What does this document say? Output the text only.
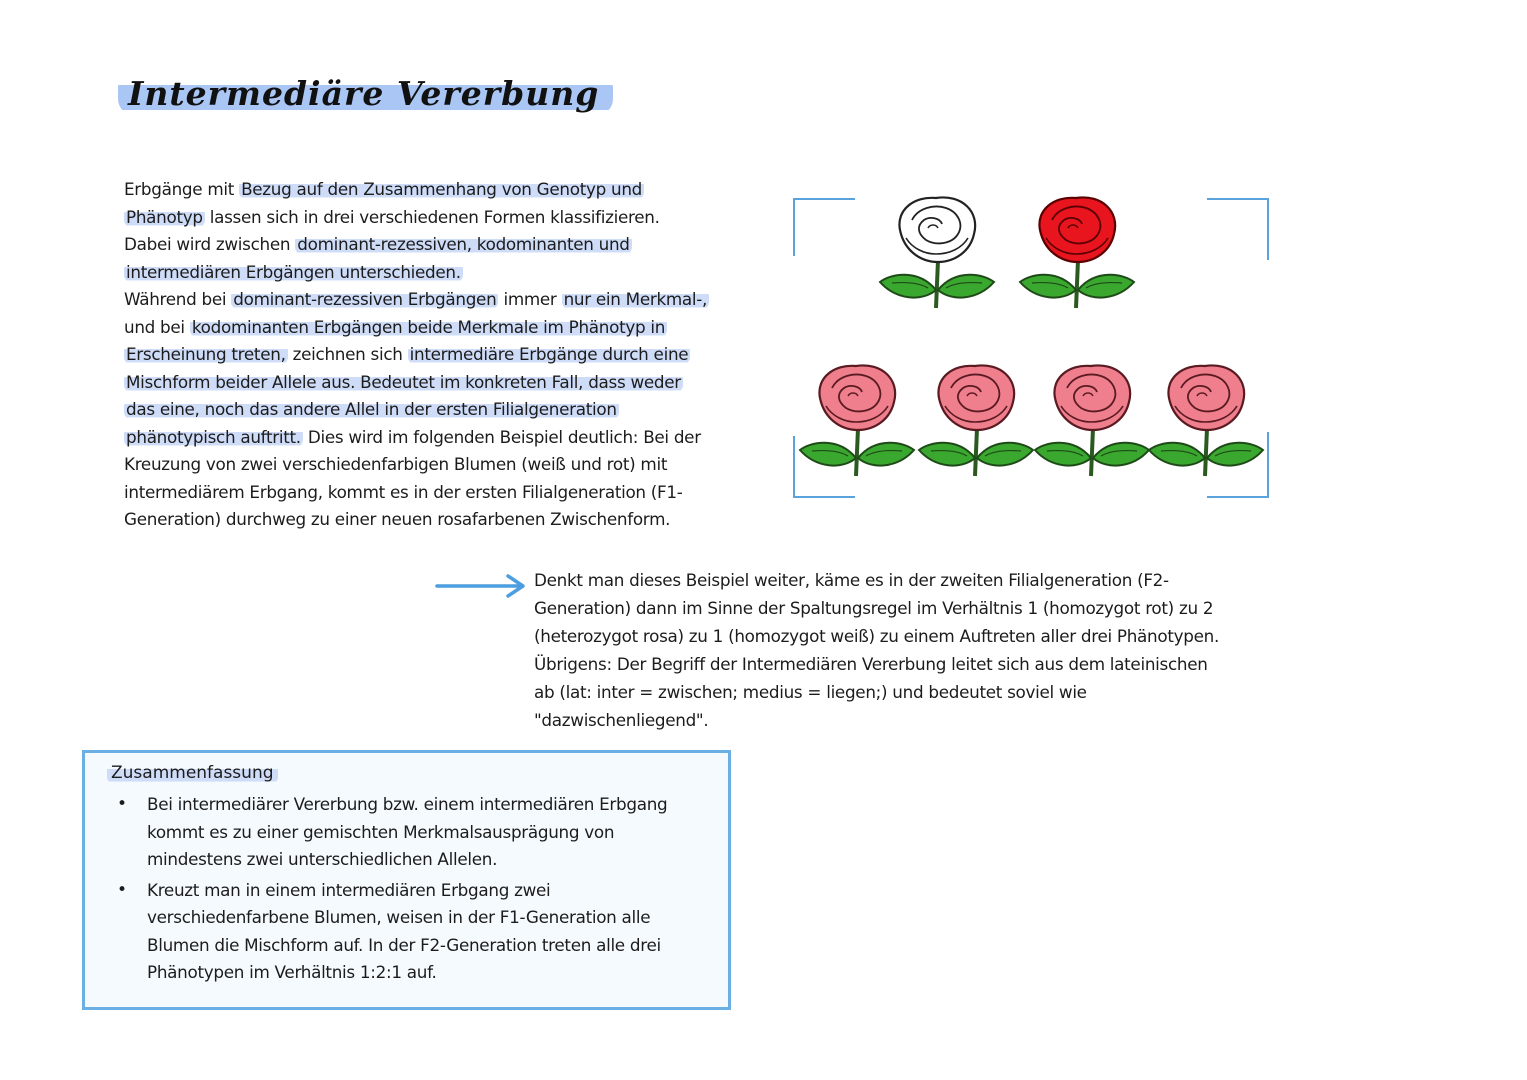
Intermediäre Vererbung
Erbgänge mit Bezug auf den Zusammenhang von Genotyp und
Phänotyp lassen sich in drei verschiedenen Formen klassifizieren.
Dabei wird zwischen dominant-rezessiven, kodominanten und
intermediären Erbgängen unterschieden.
Während bei dominant-rezessiven Erbgängen immer nur ein Merkmal-,
und bei kodominanten Erbgängen beide Merkmale im Phänotyp in
Erscheinung treten, zeichnen sich intermediäre Erbgänge durch eine
Mischform beider Allele aus. Bedeutet im konkreten Fall, dass weder
das eine, noch das andere Allel in der ersten Filialgeneration
phänotypisch auftritt. Dies wird im folgenden Beispiel deutlich: Bei der
Kreuzung von zwei verschiedenfarbigen Blumen (weiß und rot) mit
intermediärem Erbgang, kommt es in der ersten Filialgeneration (F1-
Generation) durchweg zu einer neuen rosafarbenen Zwischenform.
Denkt man dieses Beispiel weiter, käme es in der zweiten Filialgeneration (F2-
Generation) dann im Sinne der Spaltungsregel im Verhältnis 1 (homozygot rot) zu 2
(heterozygot rosa) zu 1 (homozygot weiß) zu einem Auftreten aller drei Phänotypen.
Übrigens: Der Begriff der Intermediären Vererbung leitet sich aus dem lateinischen
ab (lat: inter = zwischen; medius = liegen;) und bedeutet soviel wie
"dazwischenliegend".
Zusammenfassung
• Bei intermediärer Vererbung bzw. einem intermediären Erbgang
kommt es zu einer gemischten Merkmalsausprägung von
mindestens zwei unterschiedlichen Allelen.
• Kreuzt man in einem intermediären Erbgang zwei
verschiedenfarbene Blumen, weisen in der F1-Generation alle
Blumen die Mischform auf. In der F2-Generation treten alle drei
Phänotypen im Verhältnis 1:2:1 auf.
